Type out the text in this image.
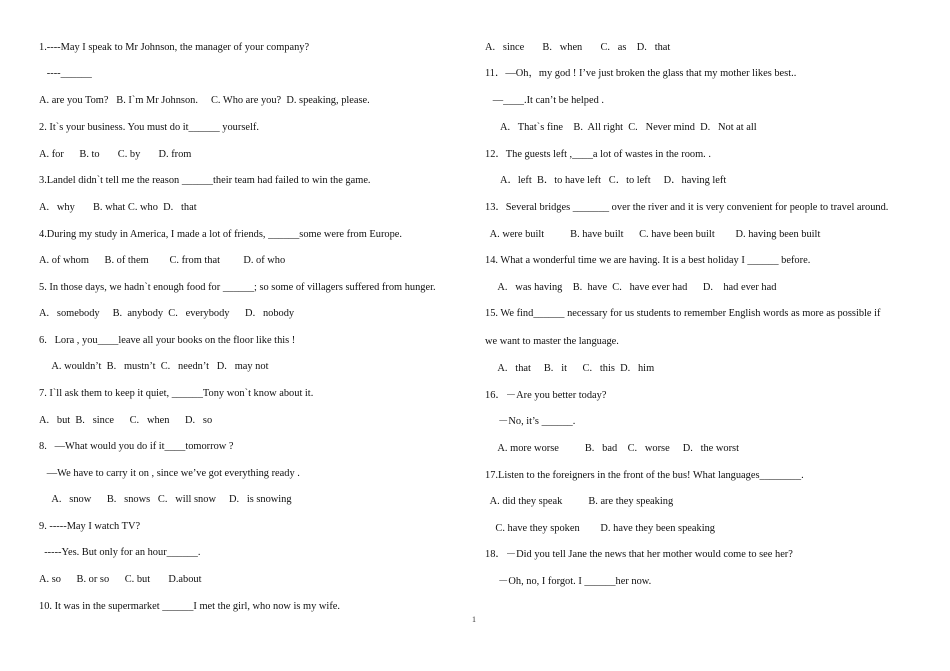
1.----May I speak to Mr Johnson, the manager of your company?
----______
A. are you Tom?   B. I`m Mr Johnson.     C. Who are you?  D. speaking, please.
2. It`s your business. You must do it______ yourself.
A. for      B. to       C. by       D. from
3.Landel didn`t tell me the reason ______their team had failed to win the game.
A.   why       B. what C. who  D.   that
4.During my study in America, I made a lot of friends, ______some were from Europe.
A. of whom      B. of them        C. from that         D. of who
5. In those days, we hadn`t enough food for ______; so some of villagers suffered from hunger.
A.   somebody     B.  anybody  C.   everybody      D.   nobody
6.   Lora , you____leave all your books on the floor like this !
A. wouldn’t  B.   mustn’t  C.   needn’t   D.   may not
7. I`ll ask them to keep it quiet, ______Tony won`t know about it.
A.   but  B.   since      C.   when      D.   so
8.   —What would you do if it____tomorrow ?
—We have to carry it on , since we’ve got everything ready .
A.   snow      B.   snows   C.   will snow     D.   is snowing
9. -----May I watch TV?
-----Yes. But only for an hour______.
A. so      B. or so      C. but       D.about
10. It was in the supermarket ______I met the girl, who now is my wife.
A.   since       B.   when       C.   as    D.   that
11．—Oh，my god ! I’ve just broken the glass that my mother likes best..
—____.It can’t be helped .
A.   That`s fine    B.  All right  C.   Never mind  D.   Not at all
12．The guests left ,____a lot of wastes in the room. .
A．left  B．to have left   C．to left     D．having left
13．Several bridges _______ over the river and it is very convenient for people to travel around.
A. were built          B. have built      C. have been built        D. having been built
14. What a wonderful time we are having. It is a best holiday I ______ before.
A.   was having    B.  have  C.   have ever had      D.    had ever had
15. We find______ necessary for us students to remember English words as more as possible if
we want to master the language.
A.   that     B.   it      C.   this  D.   him
16．－Are you better today?
－No, it’s ______.
A. more worse          B.   bad    C.   worse     D.   the worst
17.Listen to the foreigners in the front of the bus! What languages________.
A. did they speak          B. are they speaking
C. have they spoken        D. have they been speaking
18．－Did you tell Jane the news that her mother would come to see her?
－Oh, no, I forgot. I ______her now.
1
